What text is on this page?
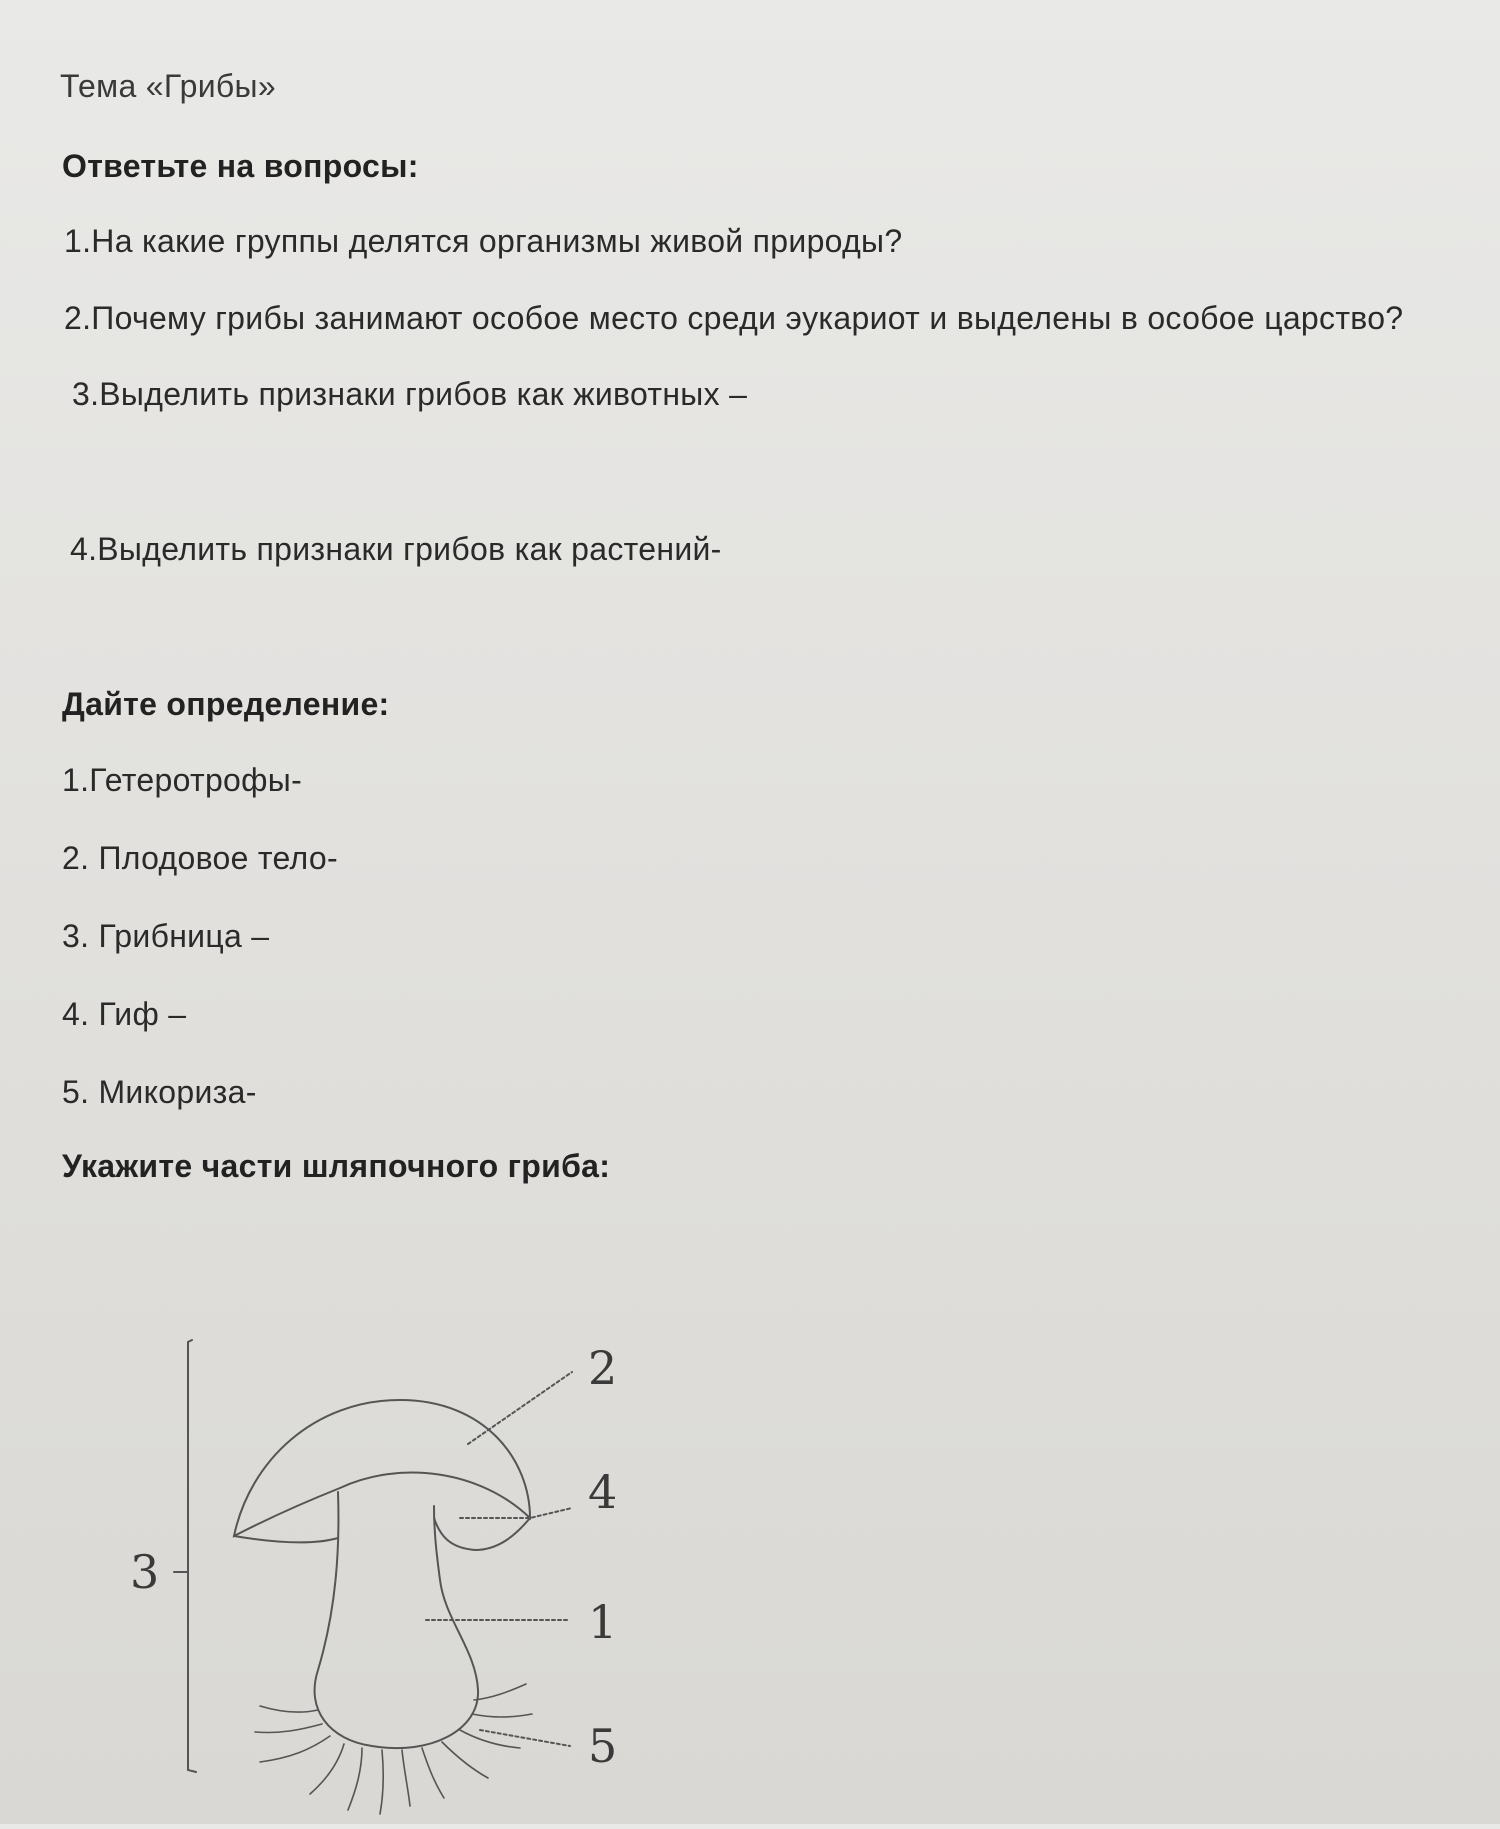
Тема «Грибы»
Ответьте на вопросы:
1.На какие группы делятся организмы живой природы?
2.Почему грибы занимают особое место среди эукариот и выделены в особое царство?
3.Выделить признаки грибов как животных –
4.Выделить признаки грибов как растений-
Дайте определение:
1.Гетеротрофы-
2. Плодовое тело-
3. Грибница –
4. Гиф –
5. Микориза-
Укажите части шляпочного гриба:
2
4
1
5
3
